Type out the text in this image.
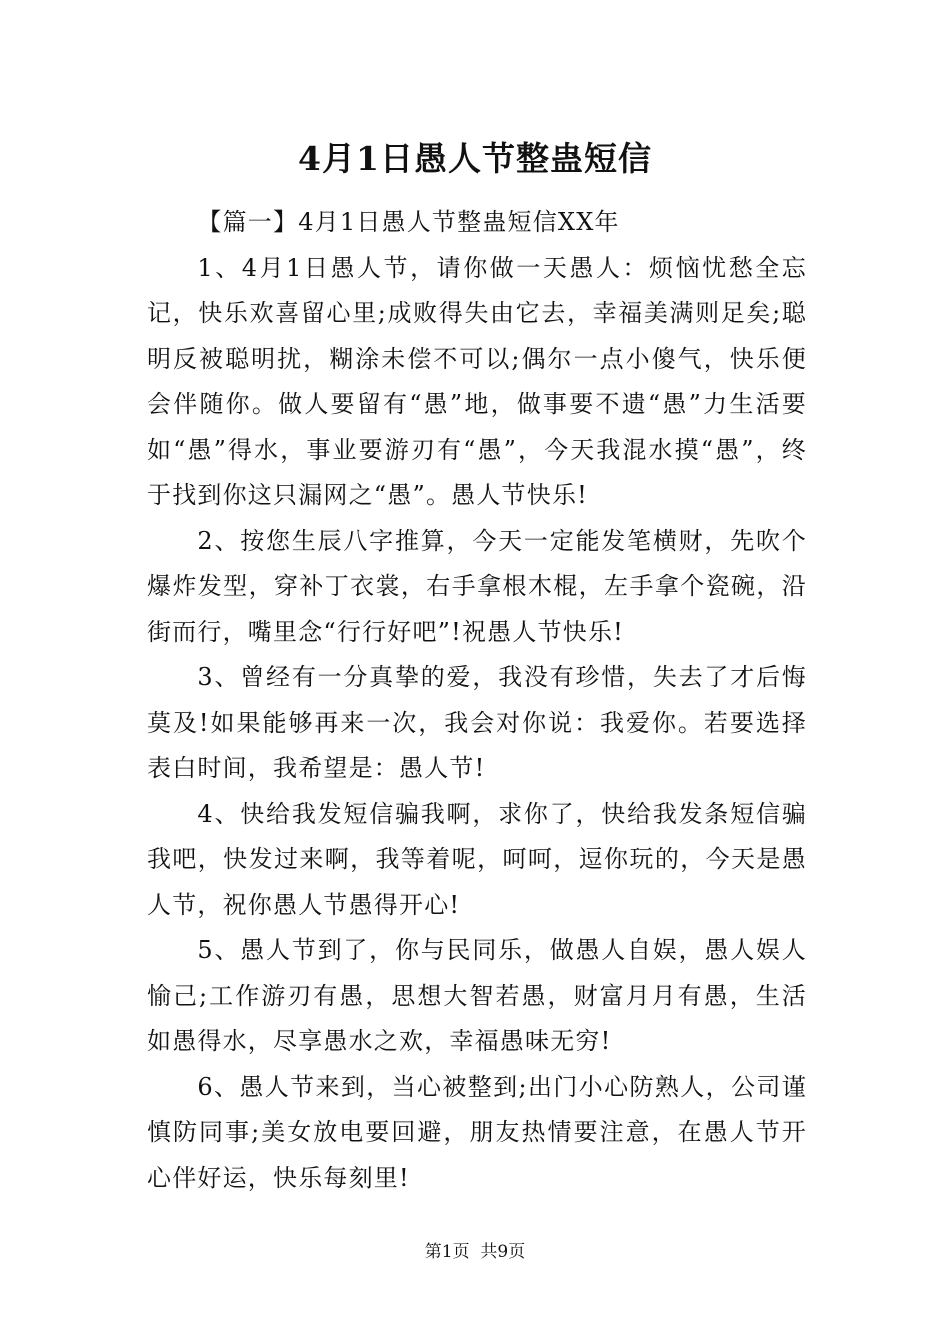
4月1日愚人节整蛊短信

【篇一】4月1日愚人节整蛊短信XX年

1、4月1日愚人节，请你做一天愚人：烦恼忧愁全忘记，快乐欢喜留心里;成败得失由它去，幸福美满则足矣;聪明反被聪明扰，糊涂未偿不可以;偶尔一点小傻气，快乐便会伴随你。做人要留有“愚”地，做事要不遗“愚”力生活要如“愚”得水，事业要游刃有“愚”，今天我混水摸“愚”，终于找到你这只漏网之“愚”。愚人节快乐!

2、按您生辰八字推算，今天一定能发笔横财，先吹个爆炸发型，穿补丁衣裳，右手拿根木棍，左手拿个瓷碗，沿街而行，嘴里念“行行好吧”!祝愚人节快乐!

3、曾经有一分真挚的爱，我没有珍惜，失去了才后悔莫及!如果能够再来一次，我会对你说：我爱你。若要选择表白时间，我希望是：愚人节!

4、快给我发短信骗我啊，求你了，快给我发条短信骗我吧，快发过来啊，我等着呢，呵呵，逗你玩的，今天是愚人节，祝你愚人节愚得开心!

5、愚人节到了，你与民同乐，做愚人自娱，愚人娱人愉己;工作游刃有愚，思想大智若愚，财富月月有愚，生活如愚得水，尽享愚水之欢，幸福愚味无穷!

6、愚人节来到，当心被整到;出门小心防熟人，公司谨慎防同事;美女放电要回避，朋友热情要注意，在愚人节开心伴好运，快乐每刻里!

第1页  共9页
